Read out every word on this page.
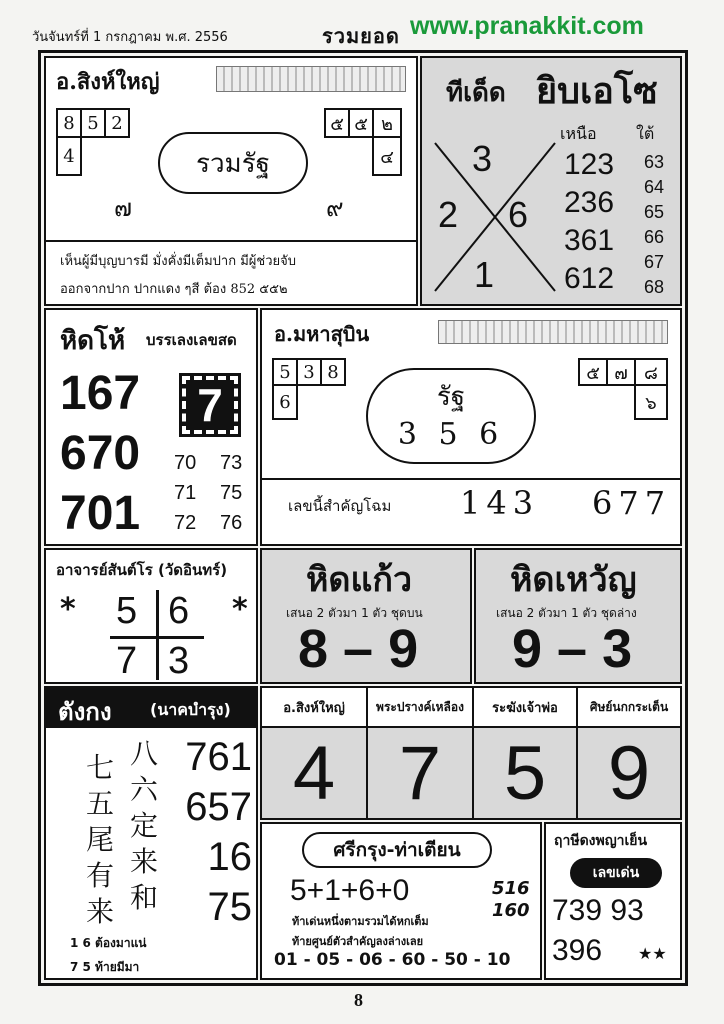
วันจันทร์ที่ 1 กรกฎาคม พ.ศ. 2556	รวมยอด www.pranakkit.com
อ.สิงห์ใหญ่
8 5 2
4
๕ ๕ ๒
๔
รวมรัฐ
๗	๙
เห็นผู้มีบุญบารมี มั่งคั่งมีเต็มปาก มีผู้ช่วยจับ
ออกจากปาก ปากแดง ๆสี ต้อง 852 ๕๕๒
ทีเด็ด ยิบเอโซ
3
2 6
1
เหนือ ใต้
123
236
361
612
63
64
65
66
67
68
หิดโห้ บรรเลงเลขสด
167
670
701
7
70	73
71	75
72	76
อ.มหาสุบิน
5 3 8
6
๕ ๗ ๘
๖
รัฐ
3 5 6
เลขนี้สำคัญโฉม 143 677
อาจารย์สันต์โร (วัดอินทร์)
*	*
5 6
7 3
หิดแก้ว
เสนอ 2 ตัวมา 1 ตัว ชุดบน
8 – 9
หิดเหวัญ
เสนอ 2 ตัวมา 1 ตัว ชุดล่าง
9 – 3
ตังกง (นาคบำรุง)
七
五
尾
有
来
八
六
定
来
和
761
657
16
75
1 6 ต้องมาแน่
7 5 ท้ายมีมา
อ.สิงห์ใหญ่	พระปรางค์เหลือง	ระฆังเจ้าพ่อ	ศิษย์นกกระเต็น
4 7 5 9
ศรีกรุง-ท่าเตียน
5+1+6+0	516
160
ท้าเด่นหนึ่งตามรวมได้หกเต็ม
ท้ายศูนย์ตัวสำคัญลงล่างเลย
01 - 05 - 06 - 60 - 50 - 10
ฤาษีดงพญาเย็น
เลขเด่น
739 93
396 ★★
8
